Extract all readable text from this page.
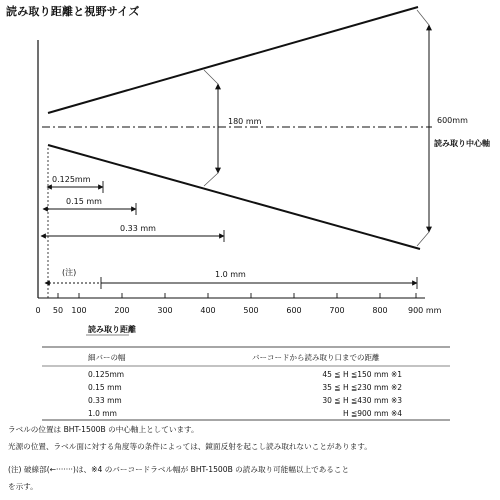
読み取り距離と視野サイズ
180 mm	600mm
読み取り中心軸
0.125mm
0.15 mm
0.33 mm
(注)	1.0 mm
0 50 100	200	300	400	500	600	700	800	900 mm
読み取り距離
細バーの幅	バーコードから読み取り口までの距離
0.125mm	45 ≦ H ≦150 mm ※1
0.15 mm	35 ≦ H ≦230 mm ※2
0.33 mm	30 ≦ H ≦430 mm ※3
1.0 mm	H ≦900 mm ※4
ラベルの位置は BHT-1500B の中心軸上としています。
光源の位置、ラベル面に対する角度等の条件によっては、鏡面反射を起こし読み取れないことがあります。
(注) 破線部(←·······)は、※4 のバーコードラベル幅が BHT-1500B の読み取り可能幅以上であること
を示す。
